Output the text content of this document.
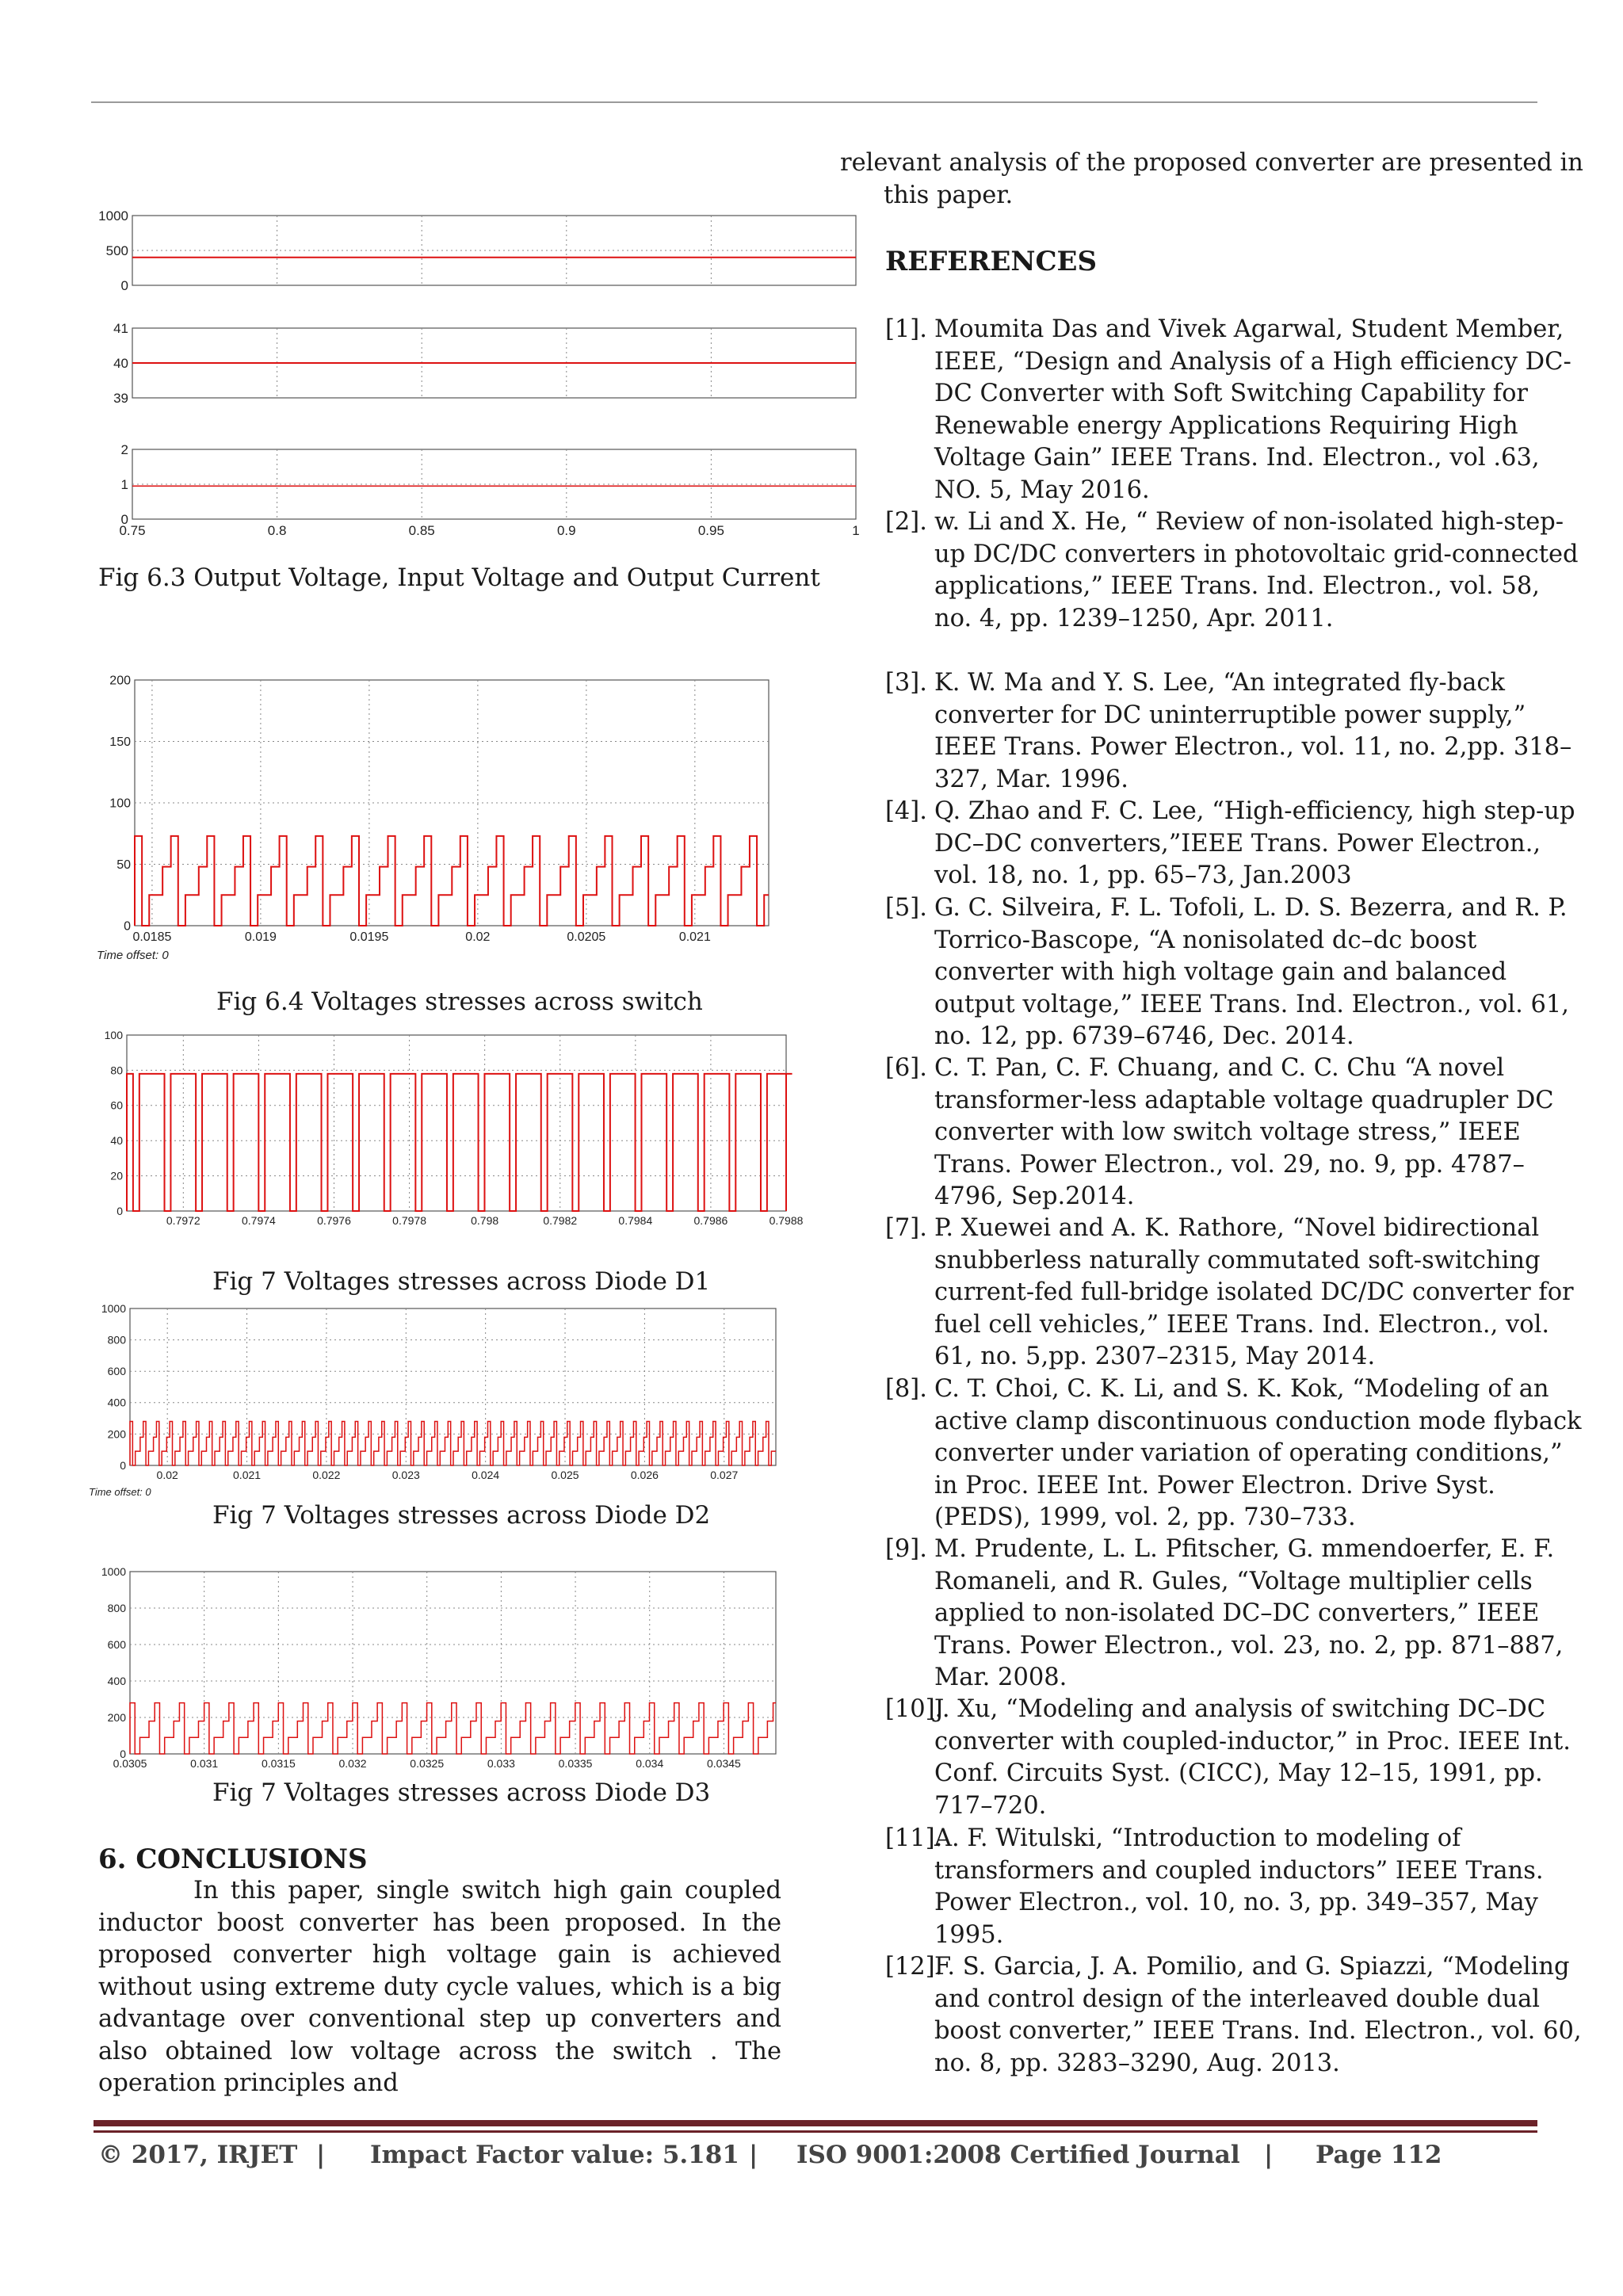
1000
500
0
41
40
39
2
1
0
0.75	0.8	0.85	0.9	0.95	1
Fig 6.3 Output Voltage, Input Voltage and Output Current
200
150
100
50
0
0.0185	0.019	0.0195	0.02	0.0205	0.021
Time offset: 0
Fig 6.4 Voltages stresses across switch
100
80
60
40
20
0
0.7972	0.7974	0.7976	0.7978	0.798	0.7982	0.7984	0.7986	0.7988
Fig 7 Voltages stresses across Diode D1
1000
800
600
400
200
0
0.02	0.021	0.022	0.023	0.024	0.025	0.026	0.027
Time offset: 0
Fig 7 Voltages stresses across Diode D2
1000
800
600
400
200
0
0.0305	0.031	0.0315	0.032	0.0325	0.033	0.0335	0.034	0.0345
Fig 7 Voltages stresses across Diode D3
6. CONCLUSIONS
In this paper, single switch high gain coupled inductor boost converter has been proposed. In the proposed converter high voltage gain is achieved without using extreme duty cycle values, which is a big advantage over conventional step up converters and also obtained low voltage across the switch . The operation principles and
relevant analysis of the proposed converter are presented in
this paper.
REFERENCES
[1]. Moumita Das and Vivek Agarwal, Student Member, IEEE, “Design and Analysis of a High efficiency DC-DC Converter with Soft Switching Capability for Renewable energy Applications Requiring High Voltage Gain” IEEE Trans. Ind. Electron., vol .63, NO. 5, May 2016.
[2]. w. Li and X. He, “ Review of non-isolated high-step-up DC/DC converters in photovoltaic grid-connected applications,” IEEE Trans. Ind. Electron., vol. 58, no. 4, pp. 1239–1250, Apr. 2011.
[3]. K. W. Ma and Y. S. Lee, “An integrated fly-back converter for DC uninterruptible power supply,” IEEE Trans. Power Electron., vol. 11, no. 2,pp. 318–327, Mar. 1996.
[4]. Q. Zhao and F. C. Lee, “High-efficiency, high step-up DC–DC converters,”IEEE Trans. Power Electron., vol. 18, no. 1, pp. 65–73, Jan.2003
[5]. G. C. Silveira, F. L. Tofoli, L. D. S. Bezerra, and R. P. Torrico-Bascope, “A nonisolated dc–dc boost converter with high voltage gain and balanced output voltage,” IEEE Trans. Ind. Electron., vol. 61, no. 12, pp. 6739–6746, Dec. 2014.
[6]. C. T. Pan, C. F. Chuang, and C. C. Chu “A novel transformer-less adaptable voltage quadrupler DC converter with low switch voltage stress,” IEEE Trans. Power Electron., vol. 29, no. 9, pp. 4787–4796, Sep.2014.
[7]. P. Xuewei and A. K. Rathore, “Novel bidirectional snubberless naturally commutated soft-switching current-fed full-bridge isolated DC/DC converter for fuel cell vehicles,” IEEE Trans. Ind. Electron., vol. 61, no. 5,pp. 2307–2315, May 2014.
[8]. C. T. Choi, C. K. Li, and S. K. Kok, “Modeling of an active clamp discontinuous conduction mode flyback converter under variation of operating conditions,” in Proc. IEEE Int. Power Electron. Drive Syst. (PEDS), 1999, vol. 2, pp. 730–733.
[9]. M. Prudente, L. L. Pfitscher, G. mmendoerfer, E. F. Romaneli, and R. Gules, “Voltage multiplier cells applied to non-isolated DC–DC converters,” IEEE Trans. Power Electron., vol. 23, no. 2, pp. 871–887, Mar. 2008.
[10].
J. Xu, “Modeling and analysis of switching DC–DC converter with coupled-inductor,” in Proc. IEEE Int. Conf. Circuits Syst. (CICC), May 12–15, 1991, pp. 717–720.
[11].
A. F. Witulski, “Introduction to modeling of transformers and coupled inductors” IEEE Trans. Power Electron., vol. 10, no. 3, pp. 349–357, May 1995.
[12].
F. S. Garcia, J. A. Pomilio, and G. Spiazzi, “Modeling and control design of the interleaved double dual boost converter,” IEEE Trans. Ind. Electron., vol. 60, no. 8, pp. 3283–3290, Aug. 2013.
© 2017, IRJET | Impact Factor value: 5.181 | ISO 9001:2008 Certified Journal | Page 112
